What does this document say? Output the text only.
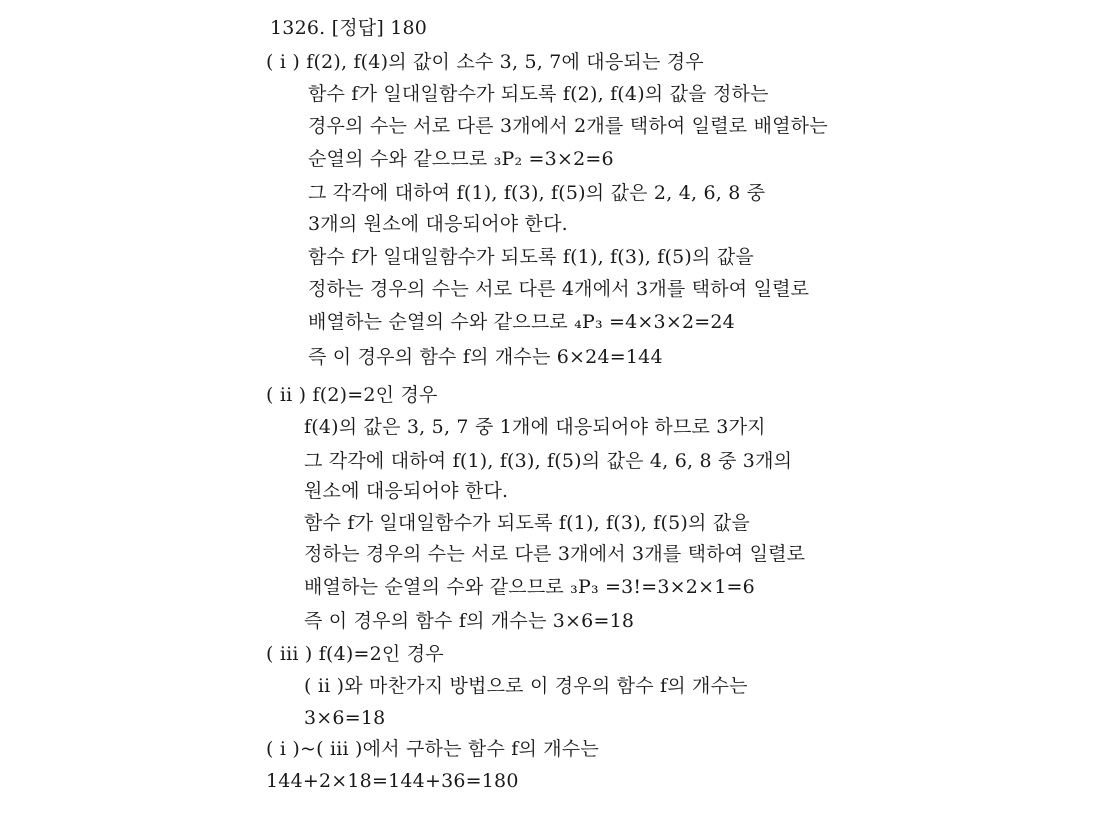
1326. [정답] 180
( i ) f(2), f(4)의 값이 소수 3, 5, 7에 대응되는 경우
함수 f가 일대일함수가 되도록 f(2), f(4)의 값을 정하는
경우의 수는 서로 다른 3개에서 2개를 택하여 일렬로 배열하는
순열의 수와 같으므로 ₃P₂ =3×2=6
그 각각에 대하여 f(1), f(3), f(5)의 값은 2, 4, 6, 8 중
3개의 원소에 대응되어야 한다.
함수 f가 일대일함수가 되도록 f(1), f(3), f(5)의 값을
정하는 경우의 수는 서로 다른 4개에서 3개를 택하여 일렬로
배열하는 순열의 수와 같으므로 ₄P₃ =4×3×2=24
즉 이 경우의 함수 f의 개수는 6×24=144
( ii ) f(2)=2인 경우
f(4)의 값은 3, 5, 7 중 1개에 대응되어야 하므로 3가지
그 각각에 대하여 f(1), f(3), f(5)의 값은 4, 6, 8 중 3개의
원소에 대응되어야 한다.
함수 f가 일대일함수가 되도록 f(1), f(3), f(5)의 값을
정하는 경우의 수는 서로 다른 3개에서 3개를 택하여 일렬로
배열하는 순열의 수와 같으므로 ₃P₃ =3!=3×2×1=6
즉 이 경우의 함수 f의 개수는 3×6=18
( iii ) f(4)=2인 경우
( ii )와 마찬가지 방법으로 이 경우의 함수 f의 개수는
3×6=18
( i )~( iii )에서 구하는 함수 f의 개수는
144+2×18=144+36=180
